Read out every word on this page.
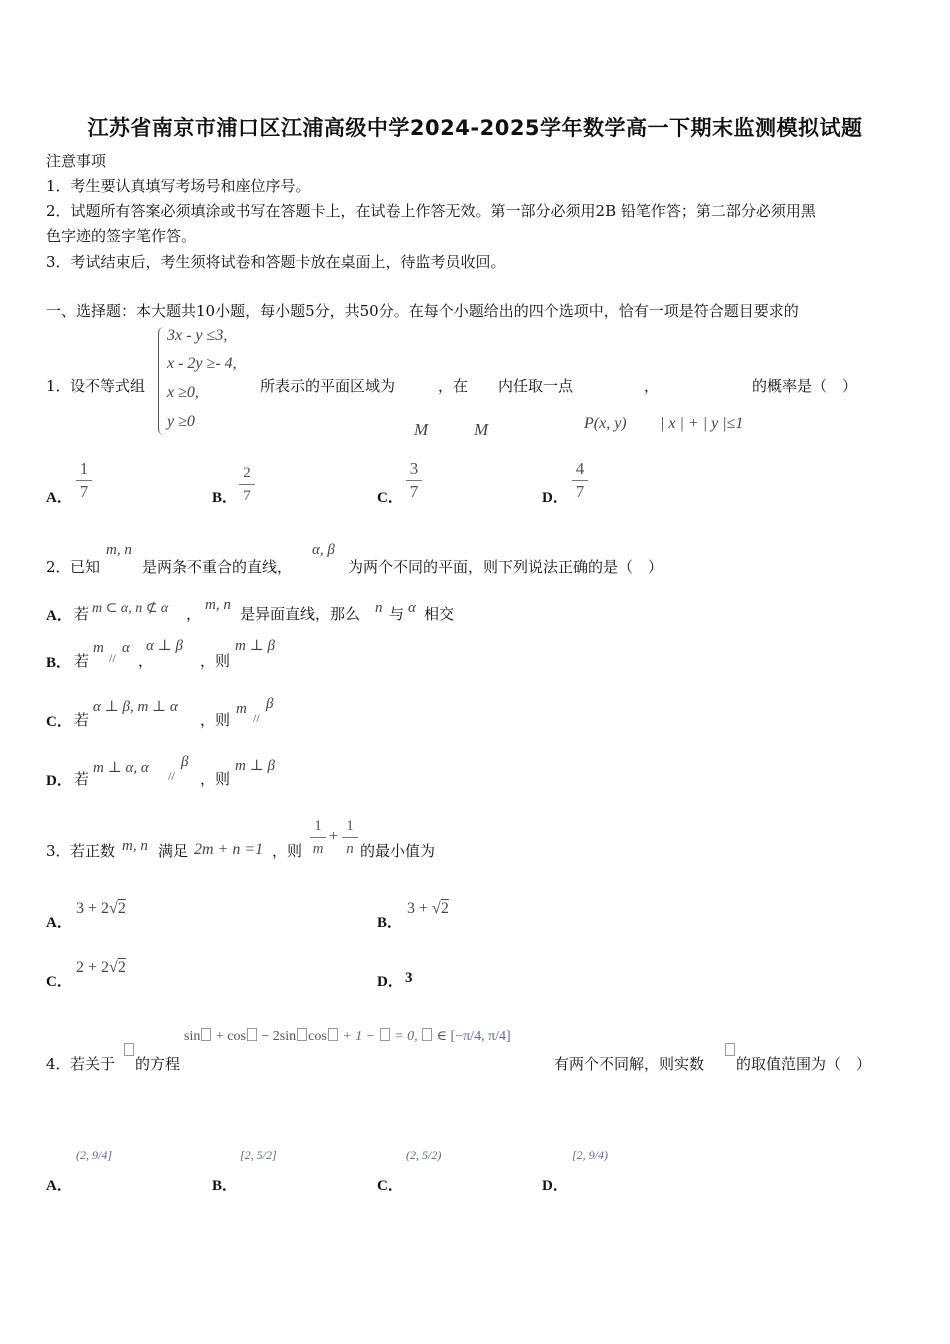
江苏省南京市浦口区江浦高级中学2024-2025学年数学高一下期末监测模拟试题
注意事项
1．考生要认真填写考场号和座位序号。
2．试题所有答案必须填涂或书写在答题卡上，在试卷上作答无效。第一部分必须用2B 铅笔作答；第二部分必须用黑
色字迹的签字笔作答。
3．考试结束后，考生须将试卷和答题卡放在桌面上，待监考员收回。
一、选择题：本大题共10小题，每小题5分，共50分。在每个小题给出的四个选项中，恰有一项是符合题目要求的
1． 设不等式组
3x - y ≤3,
x - 2y ≥- 4,
x ≥0,
y ≥0
所表示的平面区域为
M
，在
M
内任取一点
P(x, y)
，
| x | + | y |≤1
的概率是（　）
A．
1
7	B．
2
7	C．
3
7	D．
4
7
2． 已知
m, n
是两条不重合的直线，
α, β
为两个不同的平面，则下列说法正确的是（　）
A． 若 m ⊂ α, n ⊄ α ， m, n 是异面直线，那么 n 与 α 相交
B． 若
m
//
α
，
α ⊥ β
，则
m ⊥ β
C． 若
α ⊥ β, m ⊥ α
，则
m
//
β
D． 若
m ⊥ α, α //
β
，则
m ⊥ β
3． 若正数 m, n 满足 2m + n =1 ，则
1
m
+
1
n 的最小值为
A．
3 + 2√2
B．
3 + √2
C．
2 + 2√2
D． 3
4． 若关于 的方程
sin + cos − 2sin cos + 1 −  = 0,  ∈ [−π/4, π/4]
有两个不同解，则实数 的取值范围为（　）
A．
(2, 9/4]
B．
[2, 5/2]
C．
(2, 5/2)
D．
[2, 9/4)
